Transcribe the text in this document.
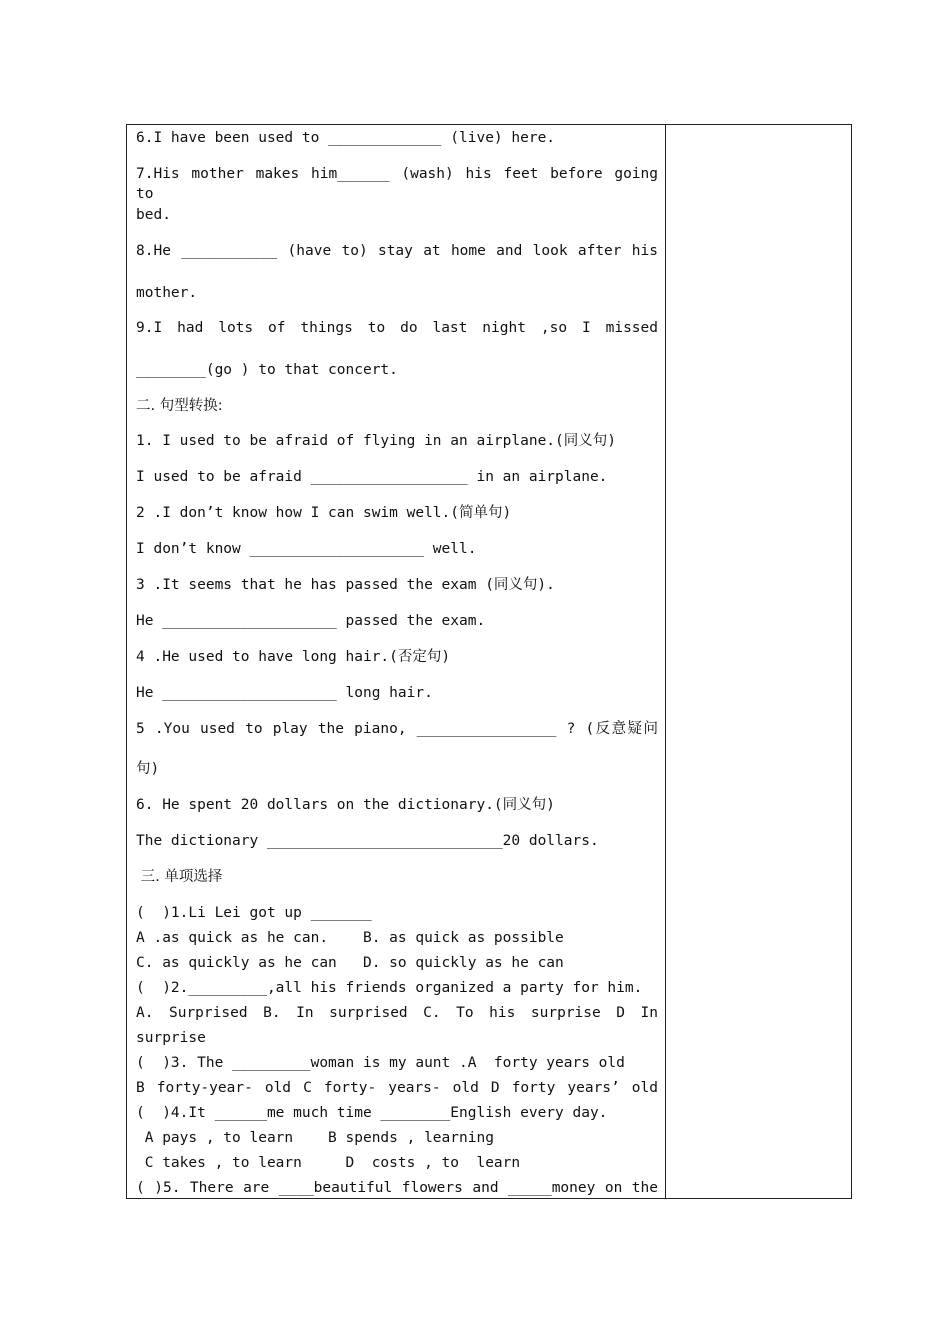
6.I have been used to _____________ (live) here.
7.His mother makes him______ (wash) his feet before going to
bed.
8.He ___________ (have to) stay at home and look after his
mother.
9.I had lots of things to do last night ,so I missed
________(go ) to that concert.
二. 句型转换:
1. I used to be afraid of flying in an airplane.(同义句)
I used to be afraid __________________ in an airplane.
2 .I don’t know how I can swim well.(简单句)
I don’t know ____________________ well.
3 .It seems that he has passed the exam (同义句).
He ____________________ passed the exam.
4 .He used to have long hair.(否定句)
He ____________________ long hair.
5 .You used to play the piano, ________________ ? (反意疑问
句)
6. He spent 20 dollars on the dictionary.(同义句)
The dictionary ___________________________20 dollars.
三. 单项选择
(  )1.Li Lei got up _______
A .as quick as he can.    B. as quick as possible
C. as quickly as he can   D. so quickly as he can
(  )2._________,all his friends organized a party for him.
A. Surprised B. In surprised C. To his surprise D In
surprise
(  )3. The _________woman is my aunt .A  forty years old
B forty-year- old C forty- years- old D forty years’ old
(  )4.It ______me much time ________English every day.
A pays , to learn    B spends , learning
C takes , to learn     D  costs , to  learn
( )5. There are ____beautiful flowers and _____money on the
